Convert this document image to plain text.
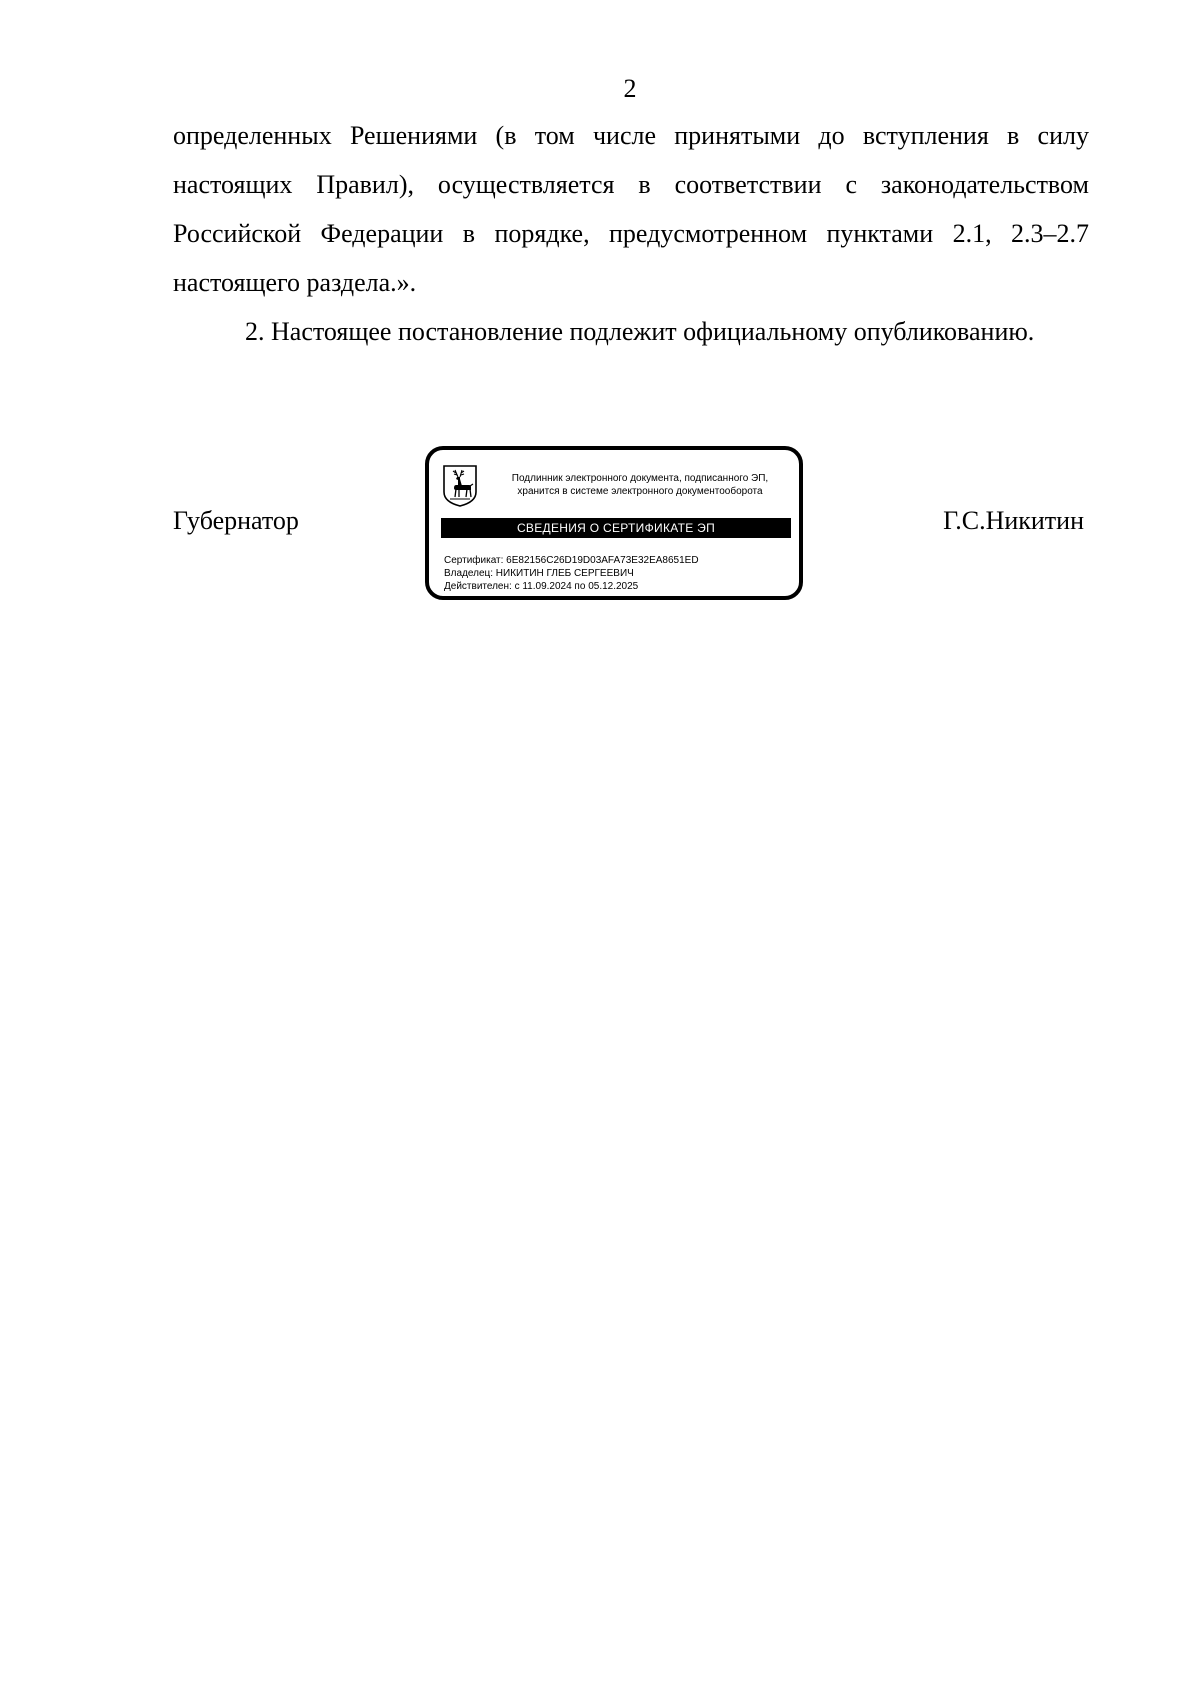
2

определенных Решениями (в том числе принятыми до вступления в силу настоящих Правил), осуществляется в соответствии с законодательством Российской Федерации в порядке, предусмотренном пунктами 2.1, 2.3–2.7 настоящего раздела.».

2. Настоящее постановление подлежит официальному опубликованию.

Губернатор
Подлинник электронного документа, подписанного ЭП,
хранится в системе электронного документооборота
СВЕДЕНИЯ О СЕРТИФИКАТЕ ЭП
Сертификат: 6E82156C26D19D03AFA73E32EA8651ED
Владелец: НИКИТИН ГЛЕБ СЕРГЕЕВИЧ
Действителен: с 11.09.2024 по 05.12.2025
Г.С.Никитин
